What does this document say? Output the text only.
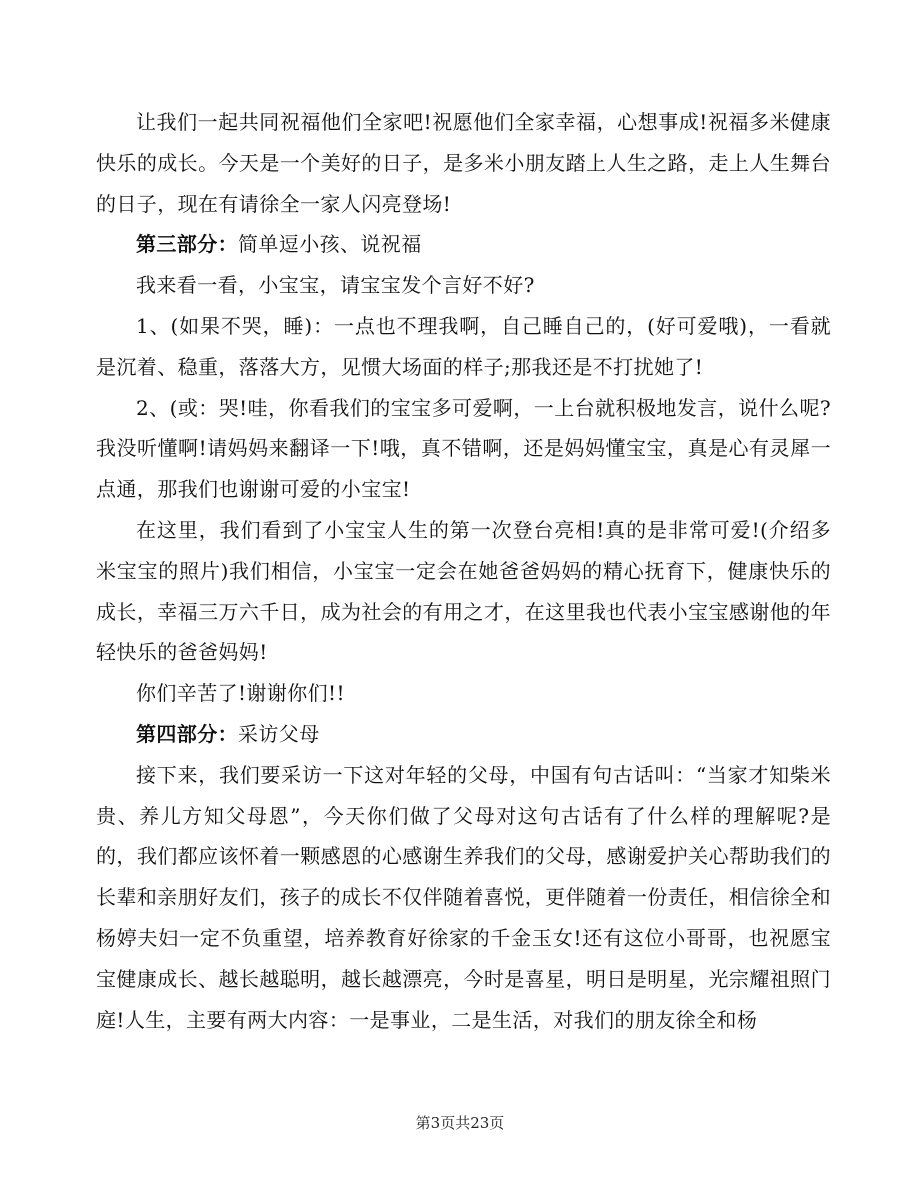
让我们一起共同祝福他们全家吧!祝愿他们全家幸福，心想事成!祝福多米健康快乐的成长。今天是一个美好的日子，是多米小朋友踏上人生之路，走上人生舞台的日子，现在有请徐全一家人闪亮登场!

第三部分：简单逗小孩、说祝福

我来看一看，小宝宝，请宝宝发个言好不好?

1、(如果不哭，睡)：一点也不理我啊，自己睡自己的，(好可爱哦)，一看就是沉着、稳重，落落大方，见惯大场面的样子;那我还是不打扰她了!

2、(或：哭!哇，你看我们的宝宝多可爱啊，一上台就积极地发言，说什么呢?我没听懂啊!请妈妈来翻译一下!哦，真不错啊，还是妈妈懂宝宝，真是心有灵犀一点通，那我们也谢谢可爱的小宝宝!

在这里，我们看到了小宝宝人生的第一次登台亮相!真的是非常可爱!(介绍多米宝宝的照片)我们相信，小宝宝一定会在她爸爸妈妈的精心抚育下，健康快乐的成长，幸福三万六千日，成为社会的有用之才，在这里我也代表小宝宝感谢他的年轻快乐的爸爸妈妈!

你们辛苦了!谢谢你们!!

第四部分：采访父母

接下来，我们要采访一下这对年轻的父母，中国有句古话叫：“当家才知柴米贵、养儿方知父母恩”，今天你们做了父母对这句古话有了什么样的理解呢?是的，我们都应该怀着一颗感恩的心感谢生养我们的父母，感谢爱护关心帮助我们的长辈和亲朋好友们，孩子的成长不仅伴随着喜悦，更伴随着一份责任，相信徐全和杨婷夫妇一定不负重望，培养教育好徐家的千金玉女!还有这位小哥哥，也祝愿宝宝健康成长、越长越聪明，越长越漂亮，今时是喜星，明日是明星，光宗耀祖照门庭!人生，主要有两大内容：一是事业，二是生活，对我们的朋友徐全和杨

第3页共23页
